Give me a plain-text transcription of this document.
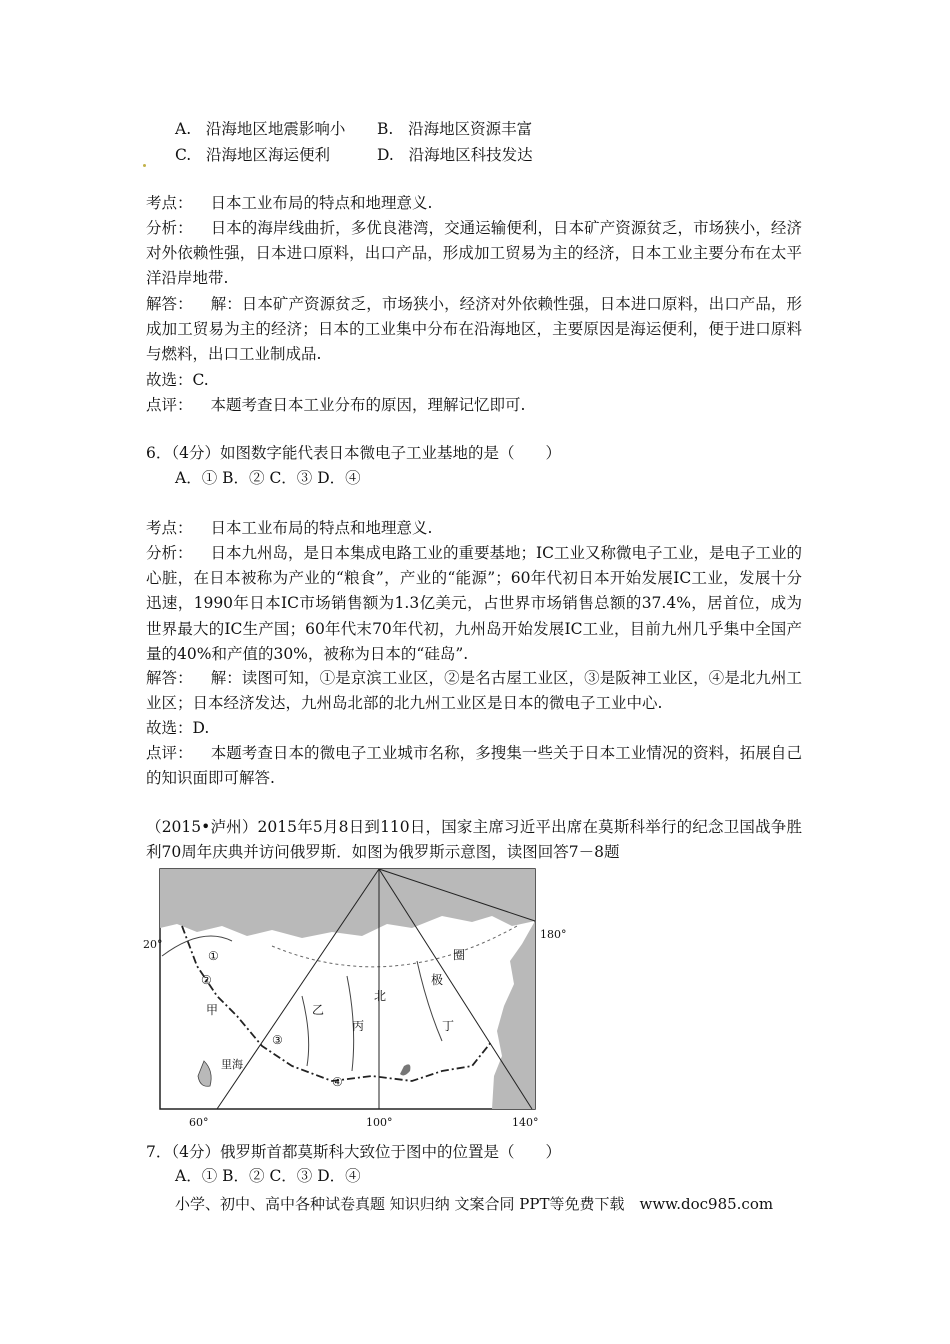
A. 沿海地区地震影响小 B. 沿海地区资源丰富
C. 沿海地区海运便利	D. 沿海地区科技发达
考点： 日本工业布局的特点和地理意义.
分析： 日本的海岸线曲折，多优良港湾，交通运输便利，日本矿产资源贫乏，市场狭小，经济对外依赖性强，日本进口原料，出口产品，形成加工贸易为主的经济，日本工业主要分布在太平洋沿岸地带.
解答： 解：日本矿产资源贫乏，市场狭小，经济对外依赖性强，日本进口原料，出口产品，形成加工贸易为主的经济；日本的工业集中分布在沿海地区，主要原因是海运便利，便于进口原料与燃料，出口工业制成品.
故选：C.
点评： 本题考查日本工业分布的原因，理解记忆即可.
6．（4分）如图数字能代表日本微电子工业基地的是（　　）
A．① B．② C．③ D．④
考点： 日本工业布局的特点和地理意义.
分析： 日本九州岛，是日本集成电路工业的重要基地；IC工业又称微电子工业，是电子工业的心脏，在日本被称为产业的“粮食”，产业的“能源”；60年代初日本开始发展IC工业，发展十分迅速，1990年日本IC市场销售额为1.3亿美元，占世界市场销售总额的37.4%，居首位，成为世界最大的IC生产国；60年代末70年代初，九州岛开始发展IC工业，目前九州几乎集中全国产量的40%和产值的30%，被称为日本的“硅岛”.
解答： 解：读图可知，①是京滨工业区，②是名古屋工业区，③是阪神工业区，④是北九州工业区；日本经济发达，九州岛北部的北九州工业区是日本的微电子工业中心.
故选：D.
点评： 本题考查日本的微电子工业城市名称，多搜集一些关于日本工业情况的资料，拓展自己的知识面即可解答.
（2015•泸州）2015年5月8日到110日，国家主席习近平出席在莫斯科举行的纪念卫国战争胜利70周年庆典并访问俄罗斯．如图为俄罗斯示意图，读图回答7－8题
60°	100°	140°
20°
180°
甲	乙
丙	丁
北
极
圈
里海
①
②
③
④
7．（4分）俄罗斯首都莫斯科大致位于图中的位置是（　　）
A．① B．② C．③ D．④
小学、初中、高中各种试卷真题 知识归纳 文案合同 PPT等免费下载　www.doc985.com
